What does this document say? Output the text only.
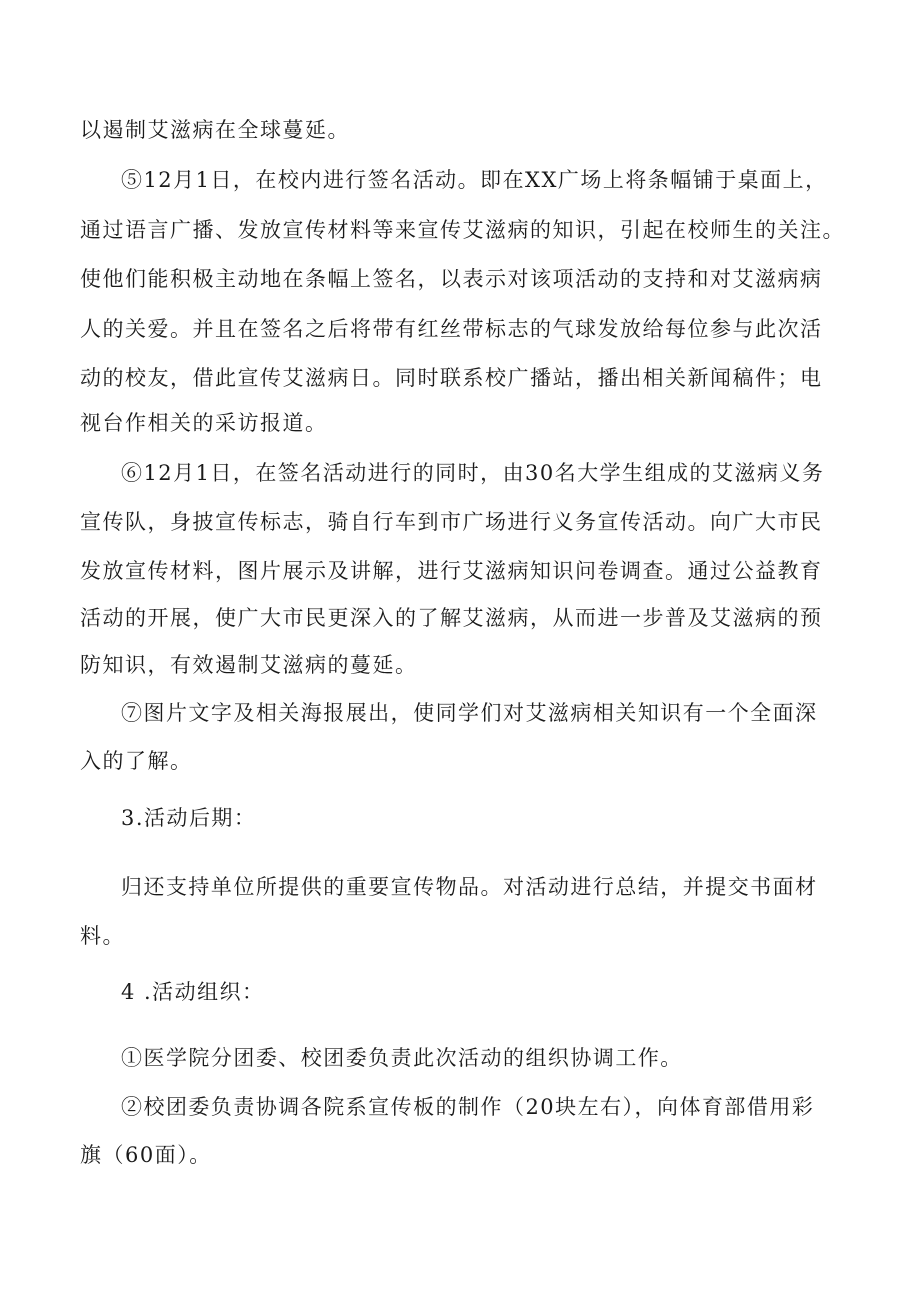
以遏制艾滋病在全球蔓延。
⑤12月1日，在校内进行签名活动。即在XX广场上将条幅铺于桌面上，
通过语言广播、发放宣传材料等来宣传艾滋病的知识，引起在校师生的关注。
使他们能积极主动地在条幅上签名，以表示对该项活动的支持和对艾滋病病
人的关爱。并且在签名之后将带有红丝带标志的气球发放给每位参与此次活
动的校友，借此宣传艾滋病日。同时联系校广播站，播出相关新闻稿件；电
视台作相关的采访报道。
⑥12月1日，在签名活动进行的同时，由30名大学生组成的艾滋病义务
宣传队，身披宣传标志，骑自行车到市广场进行义务宣传活动。向广大市民
发放宣传材料，图片展示及讲解，进行艾滋病知识问卷调查。通过公益教育
活动的开展，使广大市民更深入的了解艾滋病，从而进一步普及艾滋病的预
防知识，有效遏制艾滋病的蔓延。
⑦图片文字及相关海报展出，使同学们对艾滋病相关知识有一个全面深
入的了解。
3.活动后期：
归还支持单位所提供的重要宣传物品。对活动进行总结，并提交书面材
料。
4 .活动组织：
①医学院分团委、校团委负责此次活动的组织协调工作。
②校团委负责协调各院系宣传板的制作（20块左右），向体育部借用彩
旗（60面）。
